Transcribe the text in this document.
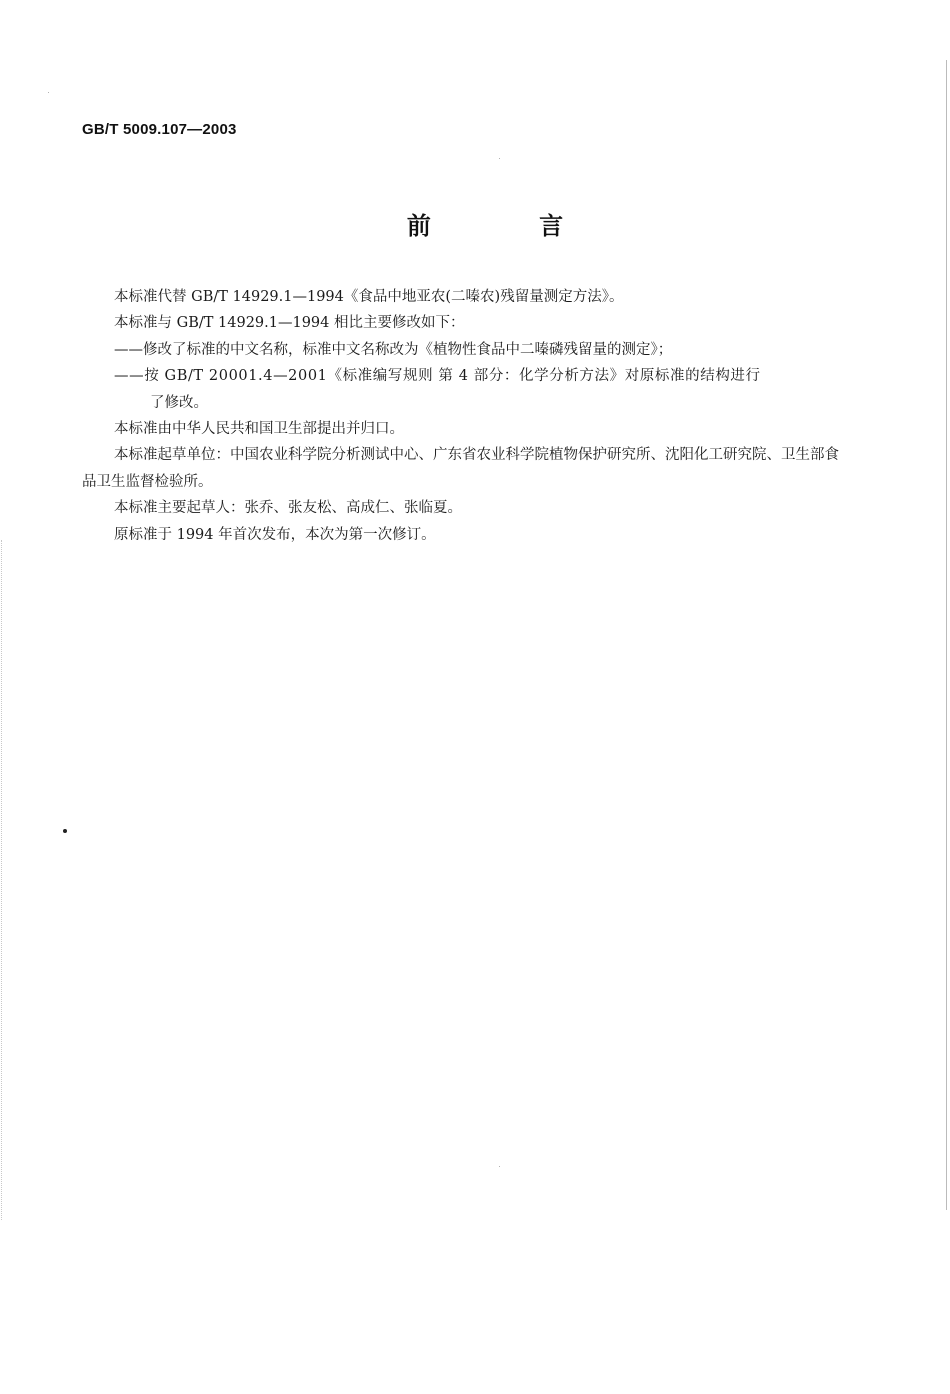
GB/T 5009.107—2003
前 言

本标准代替 GB/T 14929.1—1994《食品中地亚农(二嗪农)残留量测定方法》。

本标准与 GB/T 14929.1—1994 相比主要修改如下：

——修改了标准的中文名称，标准中文名称改为《植物性食品中二嗪磷残留量的测定》；

——按 GB/T 20001.4—2001《标准编写规则 第 4 部分：化学分析方法》对原标准的结构进行
了修改。

本标准由中华人民共和国卫生部提出并归口。

本标准起草单位：中国农业科学院分析测试中心、广东省农业科学院植物保护研究所、沈阳化工研究院、卫生部食品卫生监督检验所。

本标准主要起草人：张乔、张友松、高成仁、张临夏。

原标准于 1994 年首次发布，本次为第一次修订。
